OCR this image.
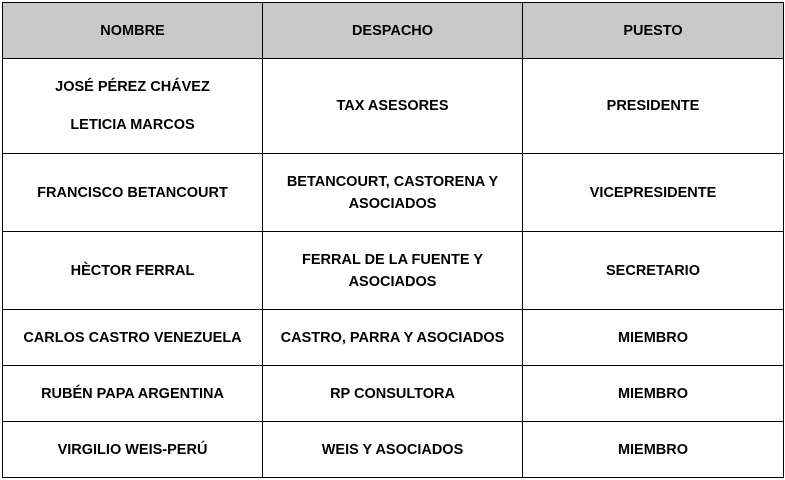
NOMBRE	DESPACHO	PUESTO

JOSÉ PÉREZ CHÁVEZ
LETICIA MARCOS	TAX ASESORES	PRESIDENTE
FRANCISCO BETANCOURT	BETANCOURT, CASTORENA Y ASOCIADOS	VICEPRESIDENTE
HÈCTOR FERRAL	FERRAL DE LA FUENTE Y ASOCIADOS	SECRETARIO
CARLOS CASTRO VENEZUELA	CASTRO, PARRA Y ASOCIADOS	MIEMBRO
RUBÉN PAPA ARGENTINA	RP CONSULTORA	MIEMBRO
VIRGILIO WEIS-PERÚ	WEIS Y ASOCIADOS	MIEMBRO
